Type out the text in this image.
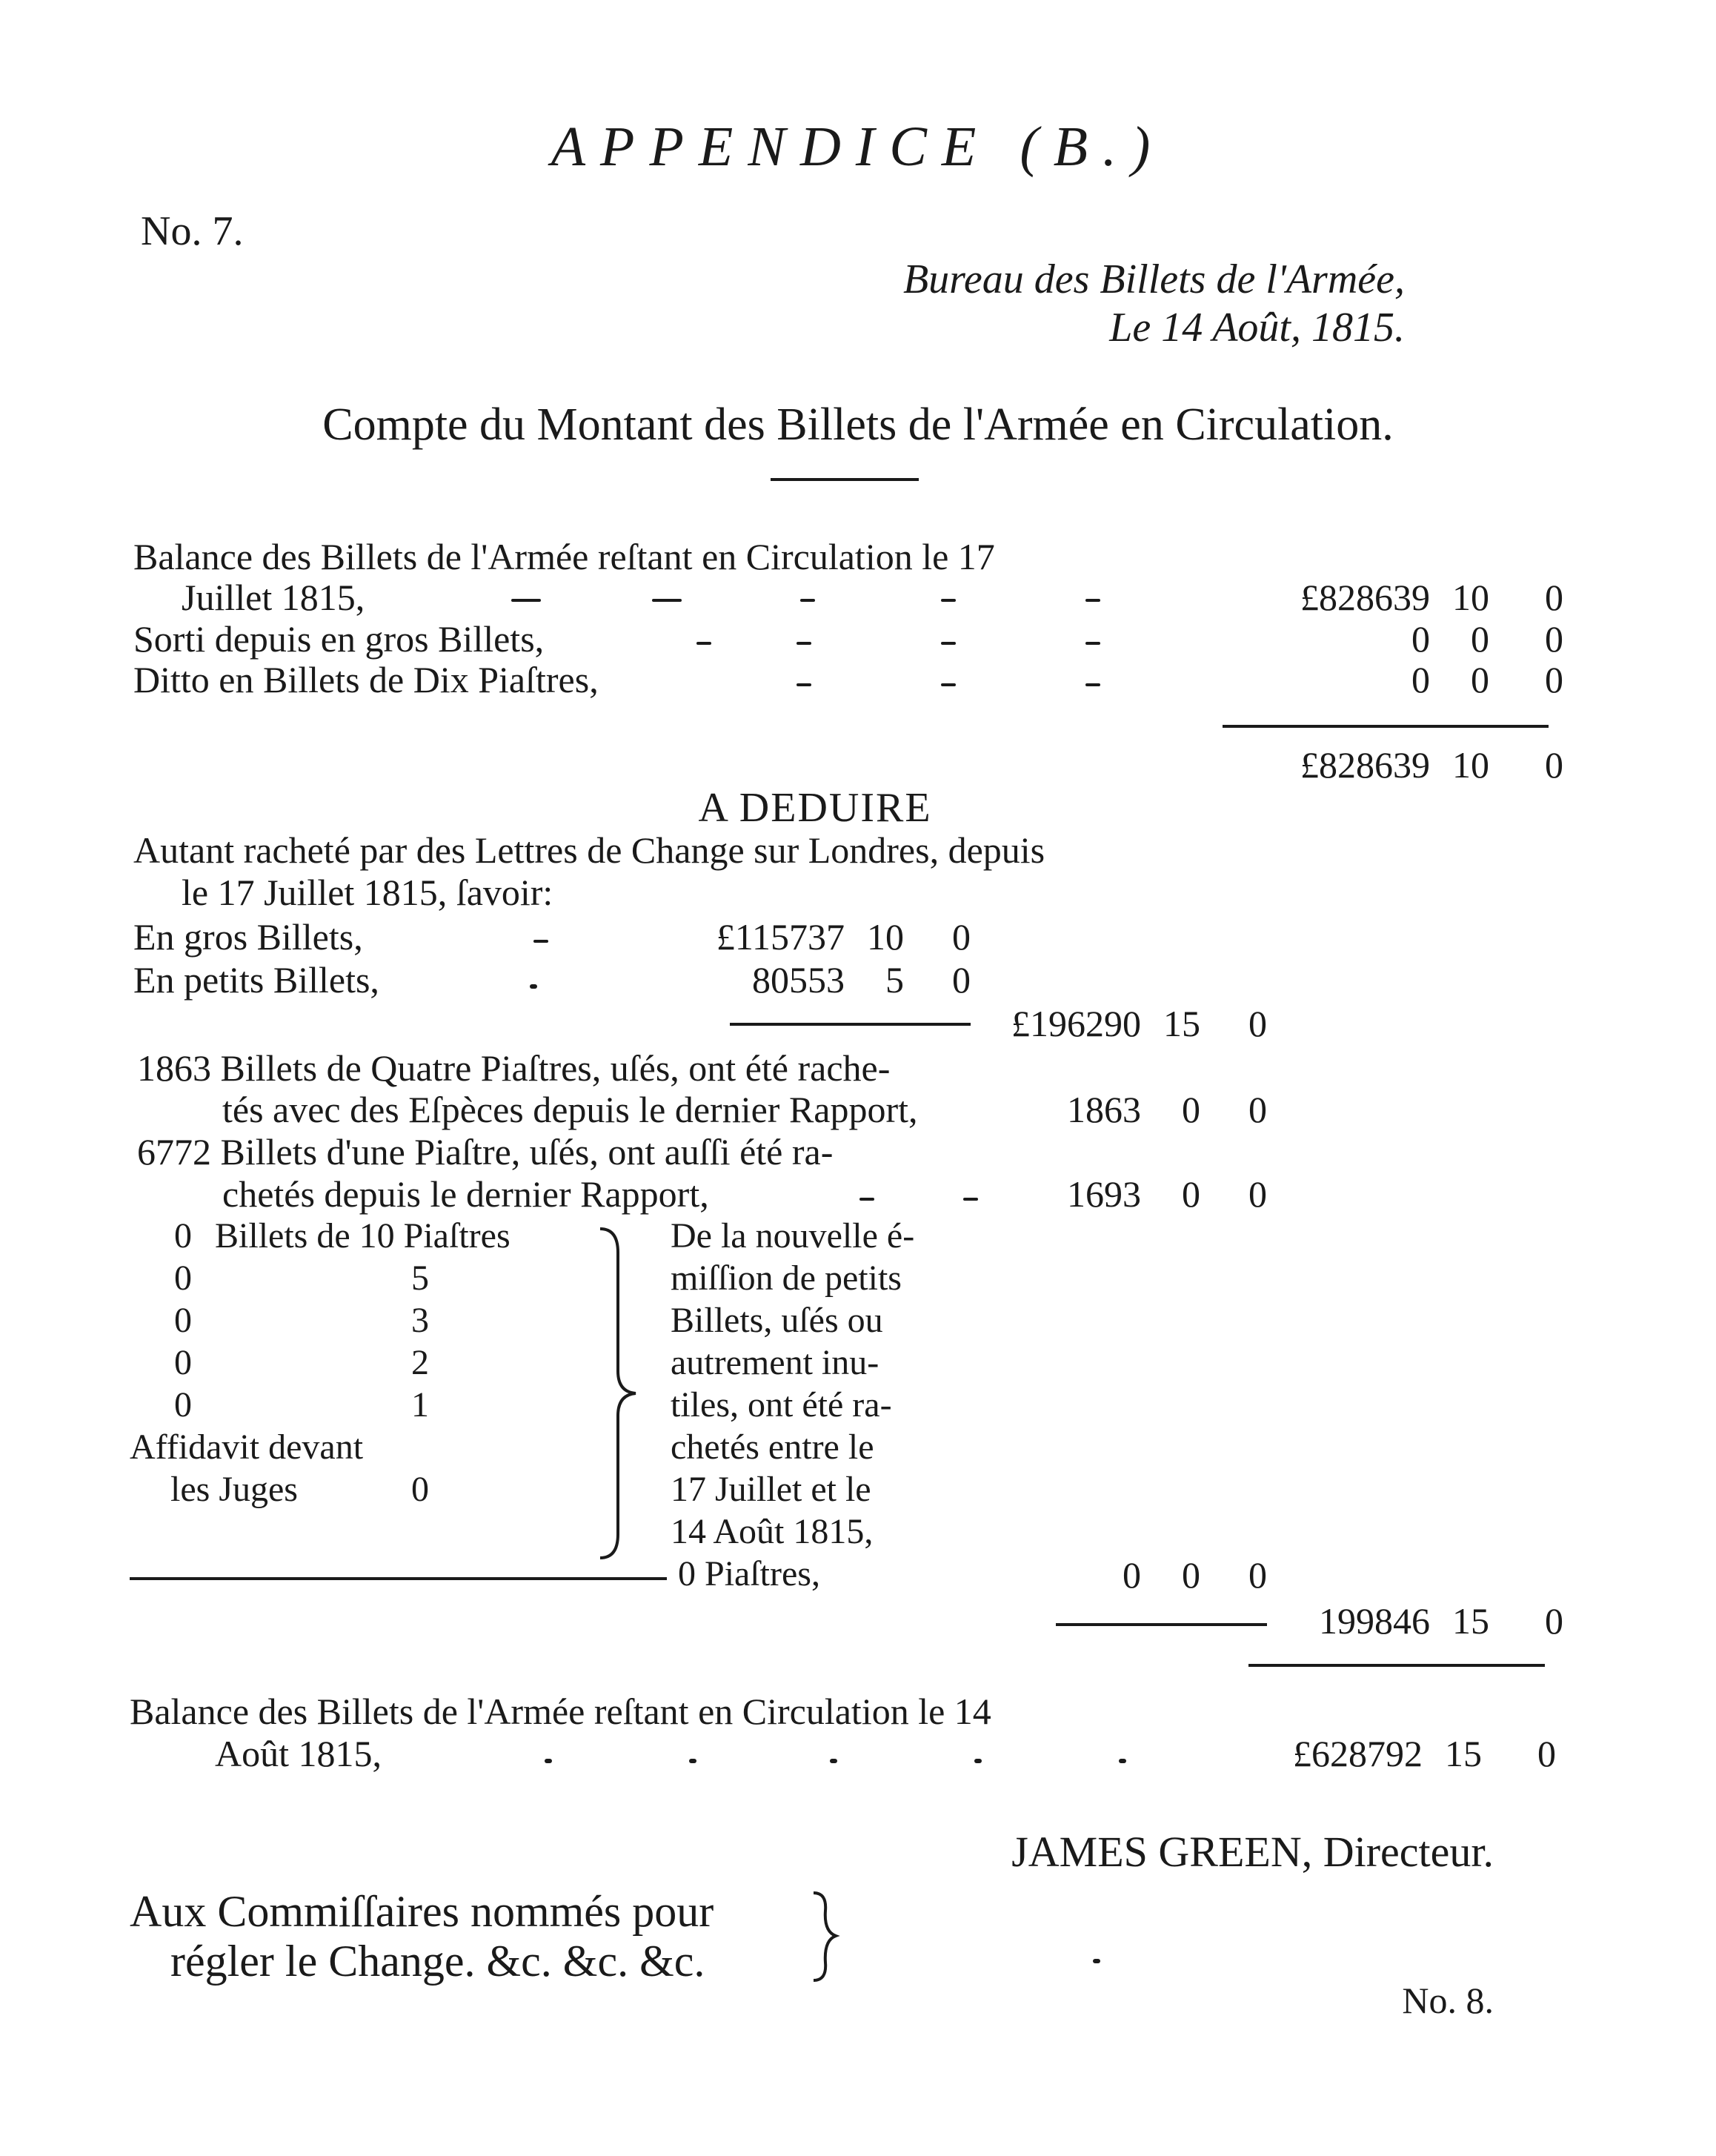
APPENDICE (B.)
No. 7.
Bureau des Billets de l'Armée,
Le 14 Août, 1815.
Compte du Montant des Billets de l'Armée en Circulation.
Balance des Billets de l'Armée reſtant en Circulation le 17
Juillet 1815,	£828639 10	0
Sorti depuis en gros Billets,	0	0	0
Ditto en Billets de Dix Piaſtres,	0	0	0
£828639 10	0
A DEDUIRE
Autant racheté par des Lettres de Change sur Londres, depuis
le 17 Juillet 1815, ſavoir:
En gros Billets,	£115737 10	0
En petits Billets,	80553	5	0
£196290 15	0
1863 Billets de Quatre Piaſtres, uſés, ont été rache-
tés avec des Eſpèces depuis le dernier Rapport,	1863	0	0
6772 Billets d'une Piaſtre, uſés, ont auſſi été ra-
chetés depuis le dernier Rapport,	1693	0	0
0 Billets de 10 Piaſtres
0	5
0	3
0	2
0	1
Affidavit devant
les Juges	0
De la nouvelle é-
miſſion de petits
Billets, uſés ou
autrement inu-
tiles, ont été ra-
chetés entre le
17 Juillet et le
14 Août 1815,
0 Piaſtres,	0	0	0
199846 15	0
Balance des Billets de l'Armée reſtant en Circulation le 14
Août 1815,	£628792 15	0
JAMES GREEN, Directeur.
Aux Commiſſaires nommés pour
régler le Change. &c. &c. &c.
No. 8.
